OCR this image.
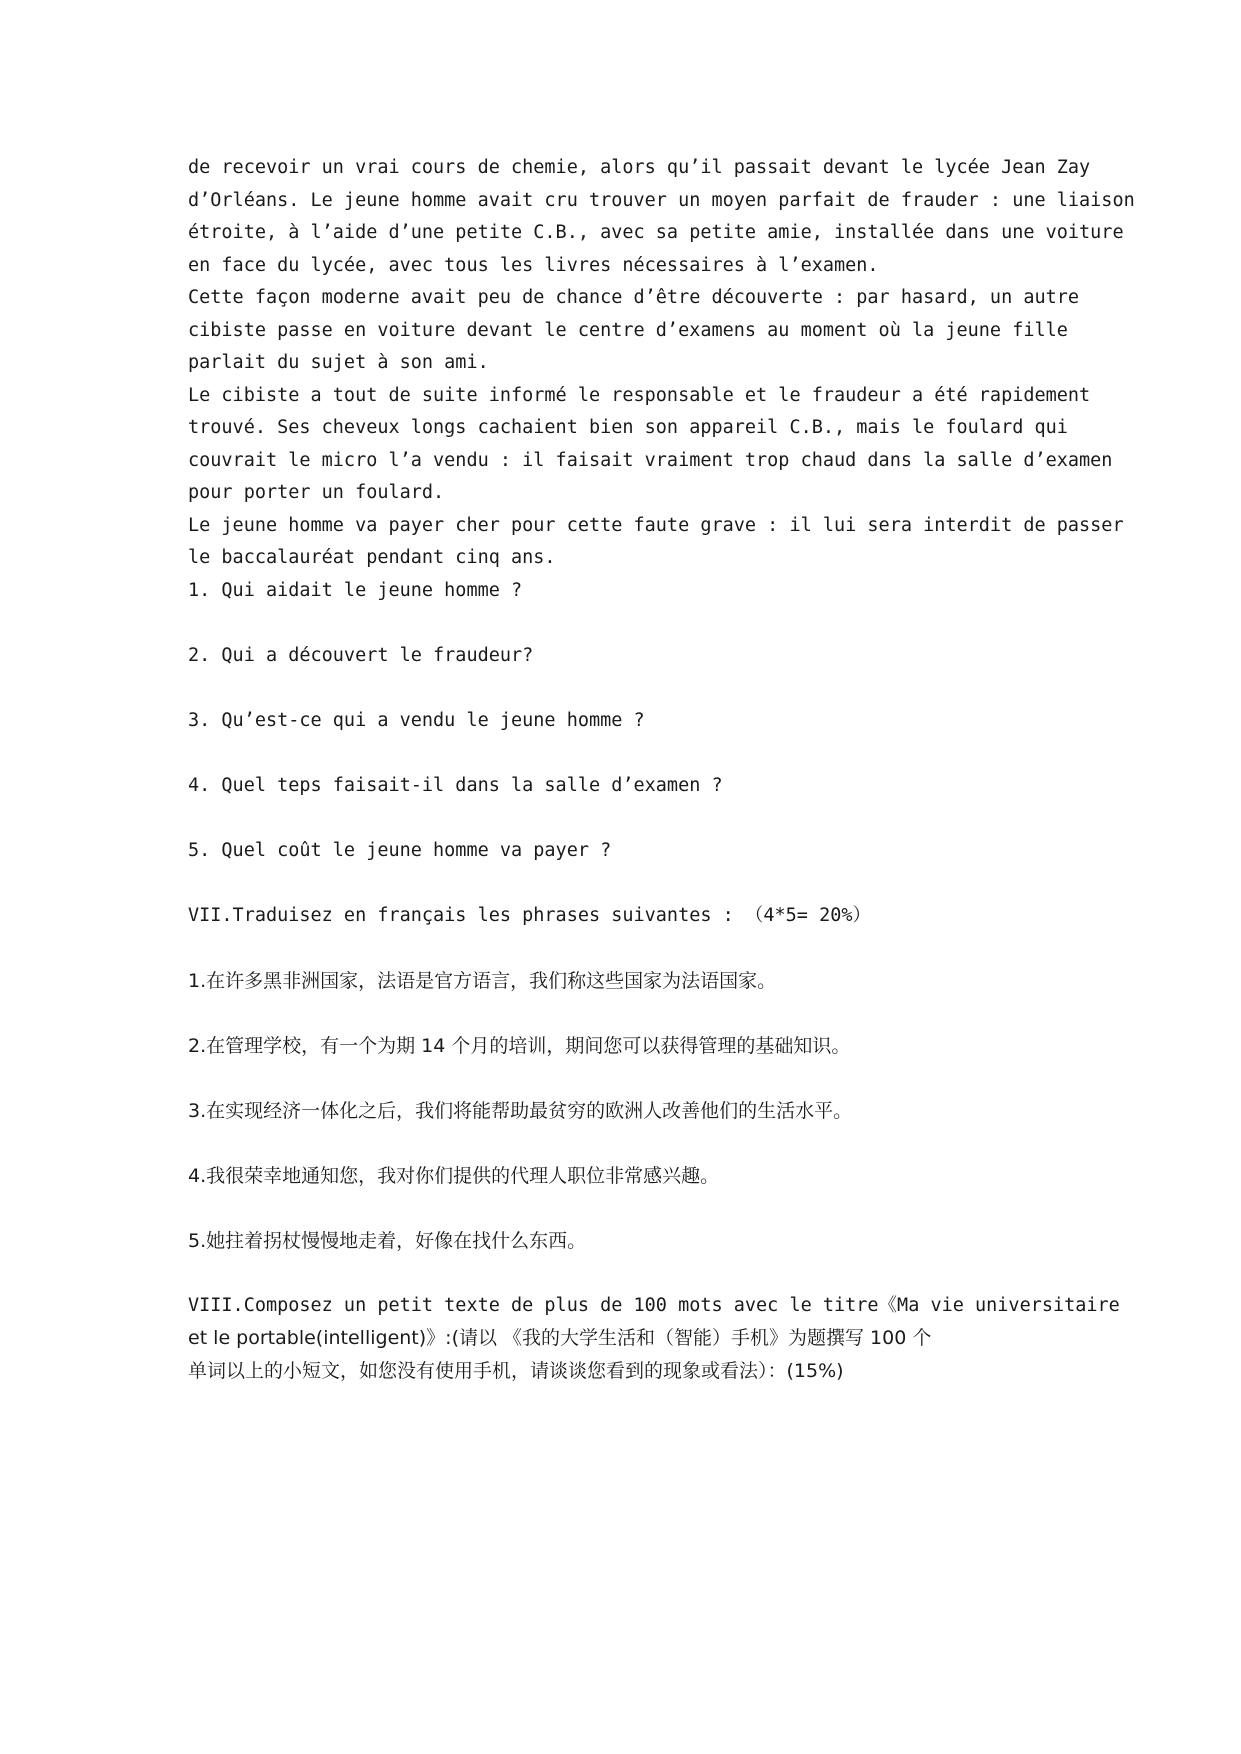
de recevoir un vrai cours de chemie, alors qu’il passait devant le lycée Jean Zay
d’Orléans. Le jeune homme avait cru trouver un moyen parfait de frauder : une liaison
étroite, à l’aide d’une petite C.B., avec sa petite amie, installée dans une voiture
en face du lycée, avec tous les livres nécessaires à l’examen.
Cette façon moderne avait peu de chance d’être découverte : par hasard, un autre
cibiste passe en voiture devant le centre d’examens au moment où la jeune fille
parlait du sujet à son ami.
Le cibiste a tout de suite informé le responsable et le fraudeur a été rapidement
trouvé. Ses cheveux longs cachaient bien son appareil C.B., mais le foulard qui
couvrait le micro l’a vendu : il faisait vraiment trop chaud dans la salle d’examen
pour porter un foulard.
Le jeune homme va payer cher pour cette faute grave : il lui sera interdit de passer
le baccalauréat pendant cinq ans.
1. Qui aidait le jeune homme ?
2. Qui a découvert le fraudeur?
3. Qu’est-ce qui a vendu le jeune homme ?
4. Quel teps faisait-il dans la salle d’examen ?
5. Quel coût le jeune homme va payer ?
VII.Traduisez en français les phrases suivantes : （4*5= 20%）
1.在许多黑非洲国家，法语是官方语言，我们称这些国家为法语国家。
2.在管理学校，有一个为期 14 个月的培训，期间您可以获得管理的基础知识。
3.在实现经济一体化之后，我们将能帮助最贫穷的欧洲人改善他们的生活水平。
4.我很荣幸地通知您，我对你们提供的代理人职位非常感兴趣。
5.她拄着拐杖慢慢地走着，好像在找什么东西。
VIII.Composez un petit texte de plus de 100 mots avec le titre《Ma vie universitaire
et le portable(intelligent)》:(请以 《我的大学生活和（智能）手机》为题撰写 100 个
单词以上的小短文，如您没有使用手机，请谈谈您看到的现象或看法）：(15%)
